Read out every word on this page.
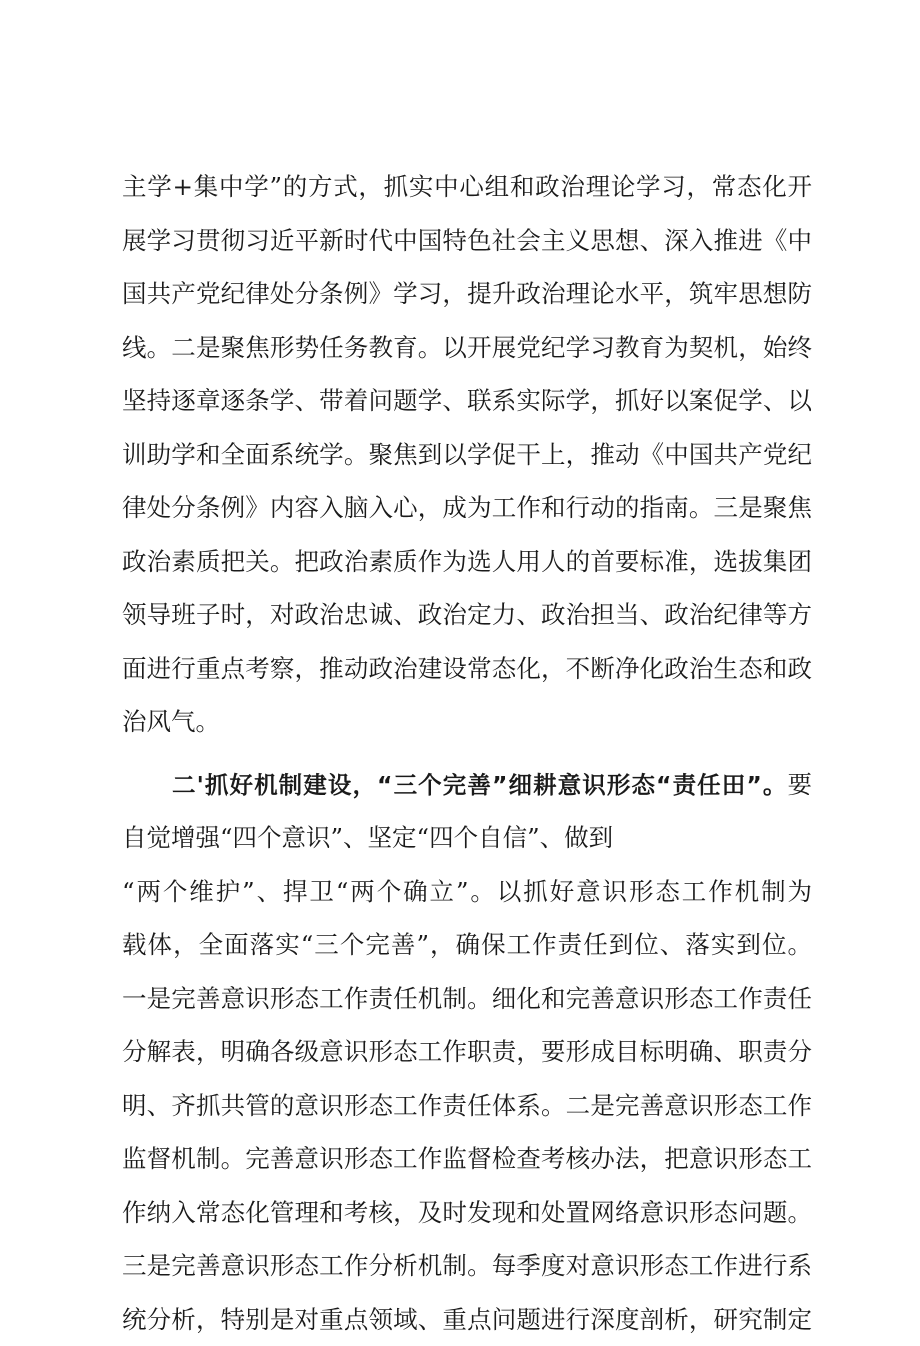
主学+集中学”的方式，抓实中心组和政治理论学习，常态化开
展学习贯彻习近平新时代中国特色社会主义思想、深入推进《中
国共产党纪律处分条例》学习，提升政治理论水平，筑牢思想防
线。二是聚焦形势任务教育。以开展党纪学习教育为契机，始终
坚持逐章逐条学、带着问题学、联系实际学，抓好以案促学、以
训助学和全面系统学。聚焦到以学促干上，推动《中国共产党纪
律处分条例》内容入脑入心，成为工作和行动的指南。三是聚焦
政治素质把关。把政治素质作为选人用人的首要标准，选拔集团
领导班子时，对政治忠诚、政治定力、政治担当、政治纪律等方
面进行重点考察，推动政治建设常态化，不断净化政治生态和政
治风气。
二'抓好机制建设，“三个完善”细耕意识形态“责任田”。要
自觉增强“四个意识”、坚定“四个自信”、做到
“两个维护”、捍卫“两个确立”。以抓好意识形态工作机制为
载体，全面落实“三个完善”，确保工作责任到位、落实到位。
一是完善意识形态工作责任机制。细化和完善意识形态工作责任
分解表，明确各级意识形态工作职责，要形成目标明确、职责分
明、齐抓共管的意识形态工作责任体系。二是完善意识形态工作
监督机制。完善意识形态工作监督检查考核办法，把意识形态工
作纳入常态化管理和考核，及时发现和处置网络意识形态问题。
三是完善意识形态工作分析机制。每季度对意识形态工作进行系
统分析，特别是对重点领域、重点问题进行深度剖析，研究制定
